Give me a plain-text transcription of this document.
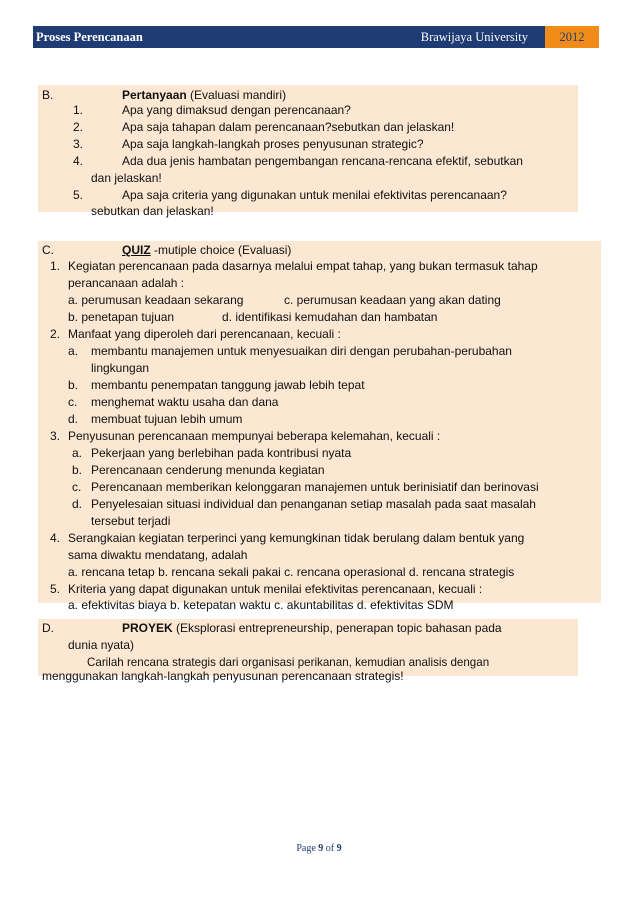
Proses Perencanaan	Brawijaya University	2012
B.	Pertanyaan (Evaluasi mandiri)
1.	Apa yang dimaksud dengan perencanaan?
2.	Apa saja tahapan dalam perencanaan?sebutkan dan jelaskan!
3.	Apa saja langkah-langkah proses penyusunan strategic?
4.	Ada dua jenis hambatan pengembangan rencana-rencana efektif, sebutkan
dan jelaskan!
5.	Apa saja criteria yang digunakan untuk menilai efektivitas perencanaan?
sebutkan dan jelaskan!
C.	QUIZ -mutiple choice (Evaluasi)
1. Kegiatan perencanaan pada dasarnya melalui empat tahap, yang bukan termasuk tahap
perancanaan adalah :
a. perumusan keadaan sekarang	c. perumusan keadaan yang akan dating
b. penetapan tujuan	d. identifikasi kemudahan dan hambatan
2. Manfaat yang diperoleh dari perencanaan, kecuali :
a. membantu manajemen untuk menyesuaikan diri dengan perubahan-perubahan
lingkungan
b. membantu penempatan tanggung jawab lebih tepat
c. menghemat waktu usaha dan dana
d. membuat tujuan lebih umum
3. Penyusunan perencanaan mempunyai beberapa kelemahan, kecuali :
a. Pekerjaan yang berlebihan pada kontribusi nyata
b. Perencanaan cenderung menunda kegiatan
c. Perencanaan memberikan kelonggaran manajemen untuk berinisiatif dan berinovasi
d. Penyelesaian situasi individual dan penanganan setiap masalah pada saat masalah
tersebut terjadi
4. Serangkaian kegiatan terperinci yang kemungkinan tidak berulang dalam bentuk yang
sama diwaktu mendatang, adalah
a. rencana tetap b. rencana sekali pakai c. rencana operasional d. rencana strategis
5. Kriteria yang dapat digunakan untuk menilai efektivitas perencanaan, kecuali :
a. efektivitas biaya b. ketepatan waktu c. akuntabilitas d. efektivitas SDM
D.	PROYEK (Eksplorasi entrepreneurship, penerapan topic bahasan pada
dunia nyata)
Carilah rencana strategis dari organisasi perikanan, kemudian analisis dengan
menggunakan langkah-langkah penyusunan perencanaan strategis!
Page 9 of 9
